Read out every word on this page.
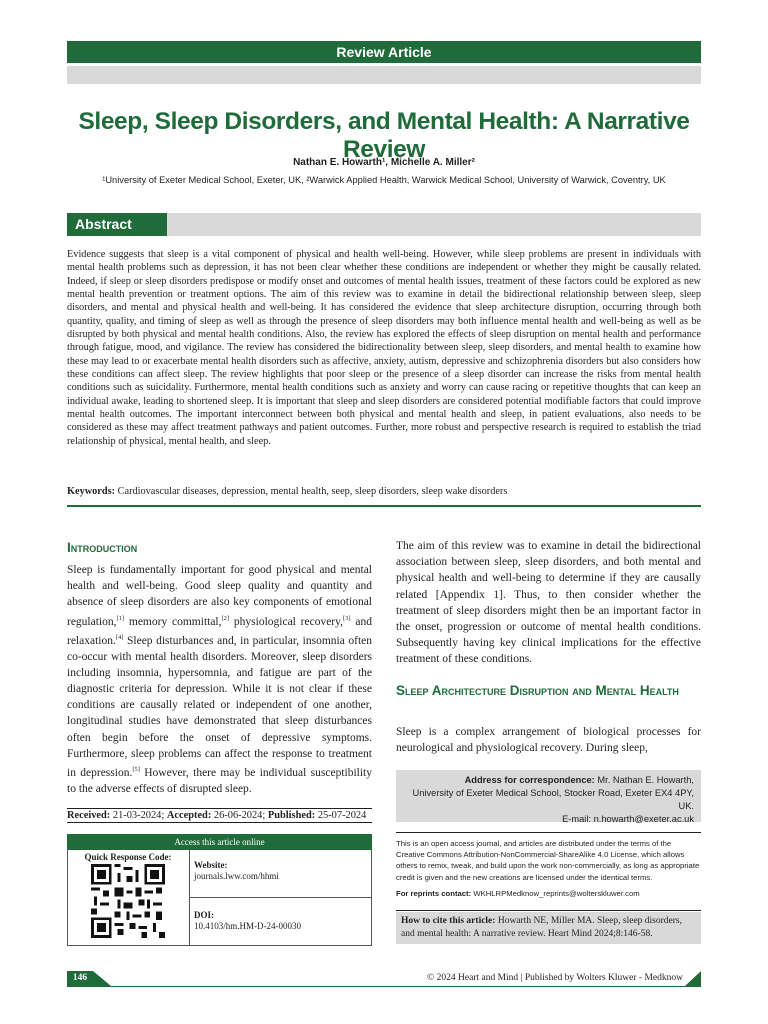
Review Article
Sleep, Sleep Disorders, and Mental Health: A Narrative Review
Nathan E. Howarth¹, Michelle A. Miller²
¹University of Exeter Medical School, Exeter, UK, ²Warwick Applied Health, Warwick Medical School, University of Warwick, Coventry, UK
Abstract
Evidence suggests that sleep is a vital component of physical and health well-being. However, while sleep problems are present in individuals with mental health problems such as depression, it has not been clear whether these conditions are independent or whether they might be causally related. Indeed, if sleep or sleep disorders predispose or modify onset and outcomes of mental health issues, treatment of these factors could be explored as new mental health prevention or treatment options. The aim of this review was to examine in detail the bidirectional relationship between sleep, sleep disorders, and mental and physical health and well-being. It has considered the evidence that sleep architecture disruption, occurring through both quantity, quality, and timing of sleep as well as through the presence of sleep disorders may both influence mental health and well-being as well as be disrupted by both physical and mental health conditions. Also, the review has explored the effects of sleep disruption on mental health and performance through fatigue, mood, and vigilance. The review has considered the bidirectionality between sleep, sleep disorders, and mental health to examine how these may lead to or exacerbate mental health disorders such as affective, anxiety, autism, depressive and schizophrenia disorders but also considers how these conditions can affect sleep. The review highlights that poor sleep or the presence of a sleep disorder can increase the risks from mental health conditions such as suicidality. Furthermore, mental health conditions such as anxiety and worry can cause racing or repetitive thoughts that can keep an individual awake, leading to shortened sleep. It is important that sleep and sleep disorders are considered potential modifiable factors that could improve mental health outcomes. The important interconnect between both physical and mental health and sleep, in patient evaluations, also needs to be considered as these may affect treatment pathways and patient outcomes. Further, more robust and perspective research is required to establish the triad relationship of physical, mental health, and sleep.
Keywords: Cardiovascular diseases, depression, mental health, seep, sleep disorders, sleep wake disorders
Introduction
Sleep is fundamentally important for good physical and mental health and well-being. Good sleep quality and quantity and absence of sleep disorders are also key components of emotional regulation,[1] memory committal,[2] physiological recovery,[3] and relaxation.[4] Sleep disturbances and, in particular, insomnia often co-occur with mental health disorders. Moreover, sleep disorders including insomnia, hypersomnia, and fatigue are part of the diagnostic criteria for depression. While it is not clear if these conditions are causally related or independent of one another, longitudinal studies have demonstrated that sleep disturbances often begin before the onset of depressive symptoms. Furthermore, sleep problems can affect the response to treatment in depression.[5] However, there may be individual susceptibility to the adverse effects of disrupted sleep.
Received: 21-03-2024; Accepted: 26-06-2024; Published: 25-07-2024
Access this article online
Quick Response Code:
Website:
journals.lww.com/hhmi
DOI:
10.4103/hm.HM-D-24-00030
The aim of this review was to examine in detail the bidirectional association between sleep, sleep disorders, and both mental and physical health and well-being to determine if they are causally related [Appendix 1]. Thus, to then consider whether the treatment of sleep disorders might then be an important factor in the onset, progression or outcome of mental health conditions. Subsequently having key clinical implications for the effective treatment of these conditions.
Sleep Architecture Disruption and Mental Health
Sleep is a complex arrangement of biological processes for neurological and physiological recovery. During sleep,
Address for correspondence: Mr. Nathan E. Howarth,
University of Exeter Medical School, Stocker Road, Exeter EX4 4PY, UK.
E-mail: n.howarth@exeter.ac.uk
This is an open access journal, and articles are distributed under the terms of the Creative Commons Attribution-NonCommercial-ShareAlike 4.0 License, which allows others to remix, tweak, and build upon the work non-commercially, as long as appropriate credit is given and the new creations are licensed under the identical terms.

For reprints contact: WKHLRPMedknow_reprints@wolterskluwer.com
How to cite this article: Howarth NE, Miller MA. Sleep, sleep disorders, and mental health: A narrative review. Heart Mind 2024;8:146-58.
146	© 2024 Heart and Mind | Published by Wolters Kluwer - Medknow
